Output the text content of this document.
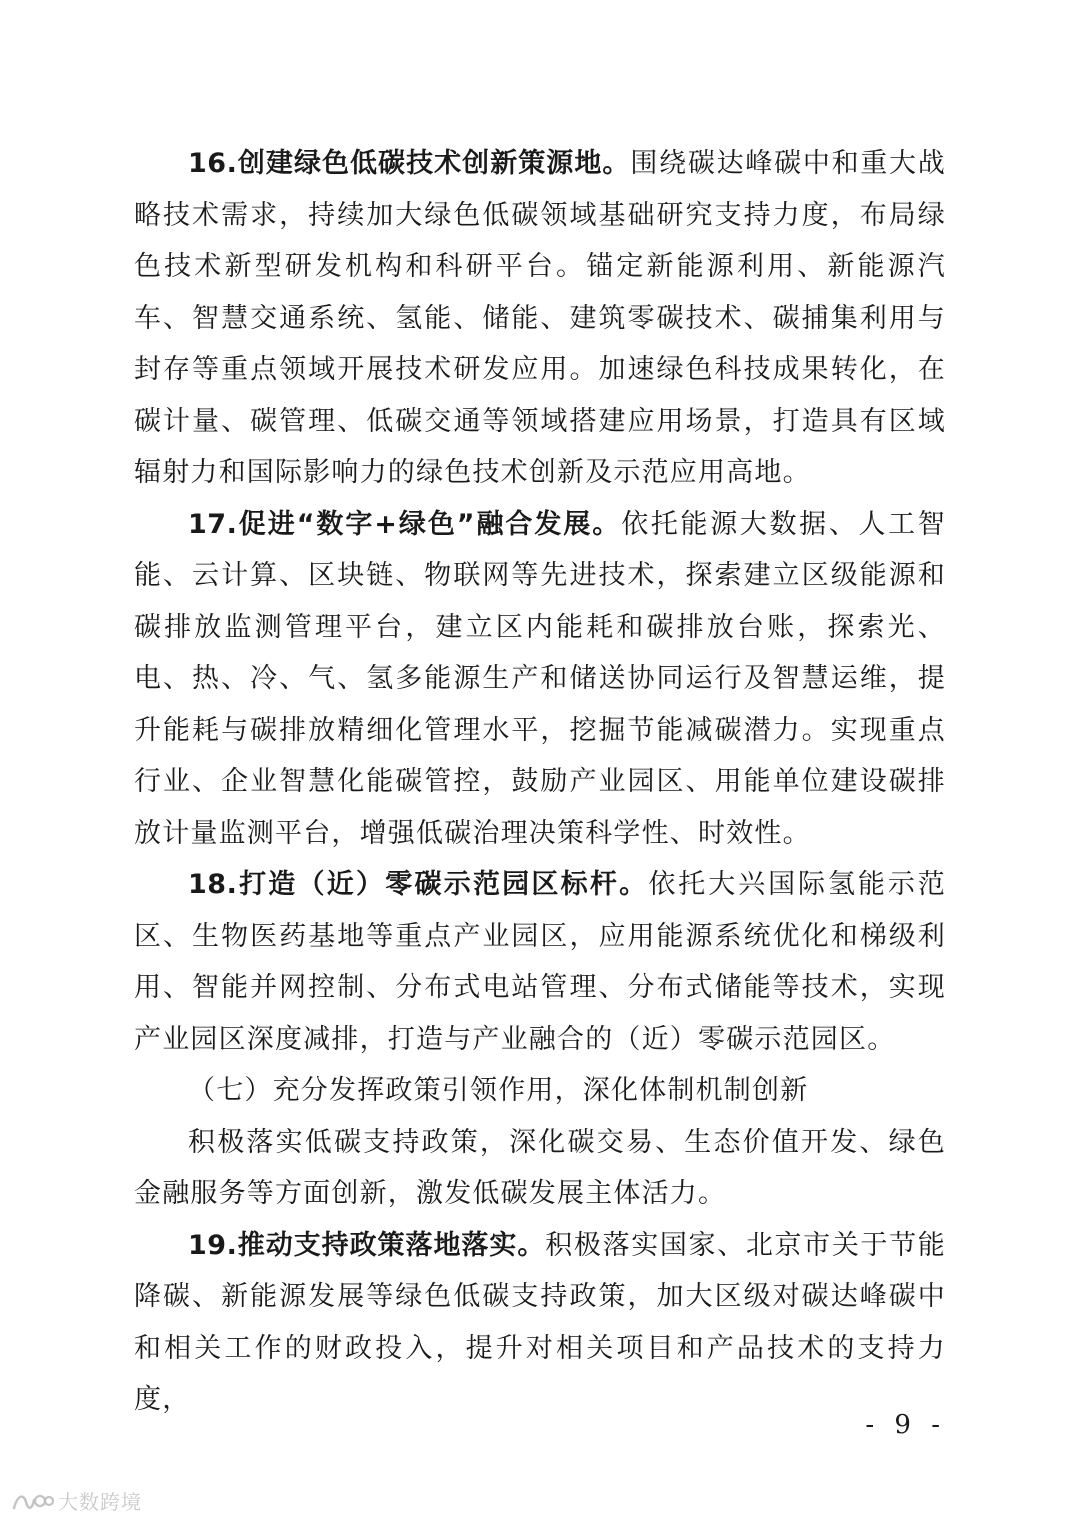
16.创建绿色低碳技术创新策源地。围绕碳达峰碳中和重大战略技术需求，持续加大绿色低碳领域基础研究支持力度，布局绿色技术新型研发机构和科研平台。锚定新能源利用、新能源汽车、智慧交通系统、氢能、储能、建筑零碳技术、碳捕集利用与封存等重点领域开展技术研发应用。加速绿色科技成果转化，在碳计量、碳管理、低碳交通等领域搭建应用场景，打造具有区域辐射力和国际影响力的绿色技术创新及示范应用高地。

17.促进“数字+绿色”融合发展。依托能源大数据、人工智能、云计算、区块链、物联网等先进技术，探索建立区级能源和碳排放监测管理平台，建立区内能耗和碳排放台账，探索光、电、热、冷、气、氢多能源生产和储送协同运行及智慧运维，提升能耗与碳排放精细化管理水平，挖掘节能减碳潜力。实现重点行业、企业智慧化能碳管控，鼓励产业园区、用能单位建设碳排放计量监测平台，增强低碳治理决策科学性、时效性。

18.打造（近）零碳示范园区标杆。依托大兴国际氢能示范区、生物医药基地等重点产业园区，应用能源系统优化和梯级利用、智能并网控制、分布式电站管理、分布式储能等技术，实现产业园区深度减排，打造与产业融合的（近）零碳示范园区。

（七）充分发挥政策引领作用，深化体制机制创新

积极落实低碳支持政策，深化碳交易、生态价值开发、绿色金融服务等方面创新，激发低碳发展主体活力。

19.推动支持政策落地落实。积极落实国家、北京市关于节能降碳、新能源发展等绿色低碳支持政策，加大区级对碳达峰碳中和相关工作的财政投入，提升对相关项目和产品技术的支持力度，

- 9 -
大数跨境
